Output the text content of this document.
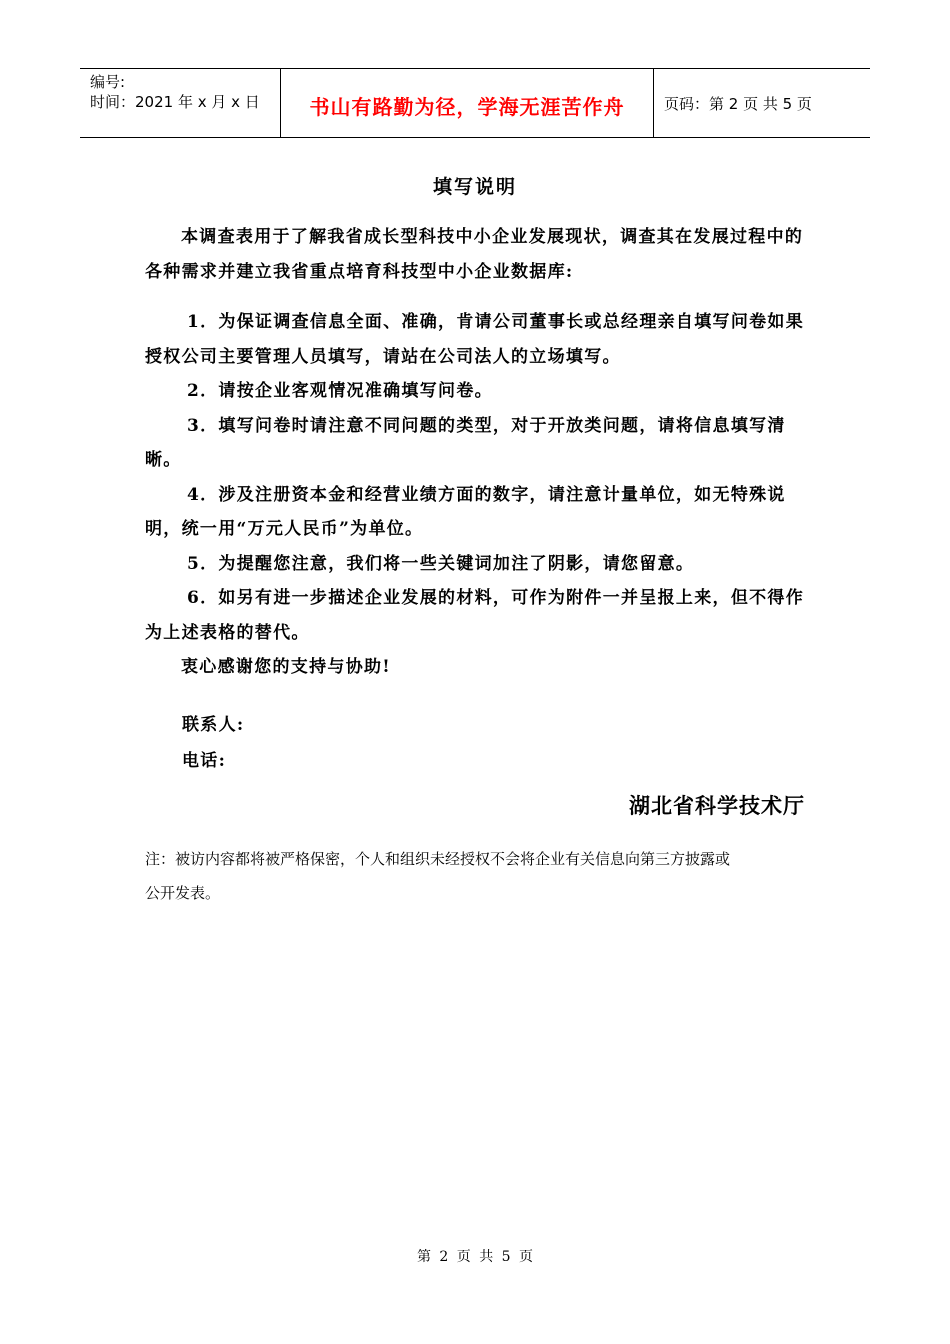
编号:
时间：2021 年 x 月 x 日	书山有路勤为径，学海无涯苦作舟	页码：第 2 页 共 5 页
填写说明

本调查表用于了解我省成长型科技中小企业发展现状，调查其在发展过程中的各种需求并建立我省重点培育科技型中小企业数据库:

1．为保证调查信息全面、准确，肯请公司董事长或总经理亲自填写问卷如果授权公司主要管理人员填写，请站在公司法人的立场填写。

2．请按企业客观情况准确填写问卷。

3．填写问卷时请注意不同问题的类型，对于开放类问题，请将信息填写清晰。

4．涉及注册资本金和经营业绩方面的数字，请注意计量单位，如无特殊说明，统一用“万元人民币”为单位。

5．为提醒您注意，我们将一些关键词加注了阴影，请您留意。

6．如另有进一步描述企业发展的材料，可作为附件一并呈报上来，但不得作为上述表格的替代。

衷心感谢您的支持与协助!

联系人:
电话:
湖北省科学技术厅

注：被访内容都将被严格保密，个人和组织未经授权不会将企业有关信息向第三方披露或

公开发表。

第 2 页 共 5 页
